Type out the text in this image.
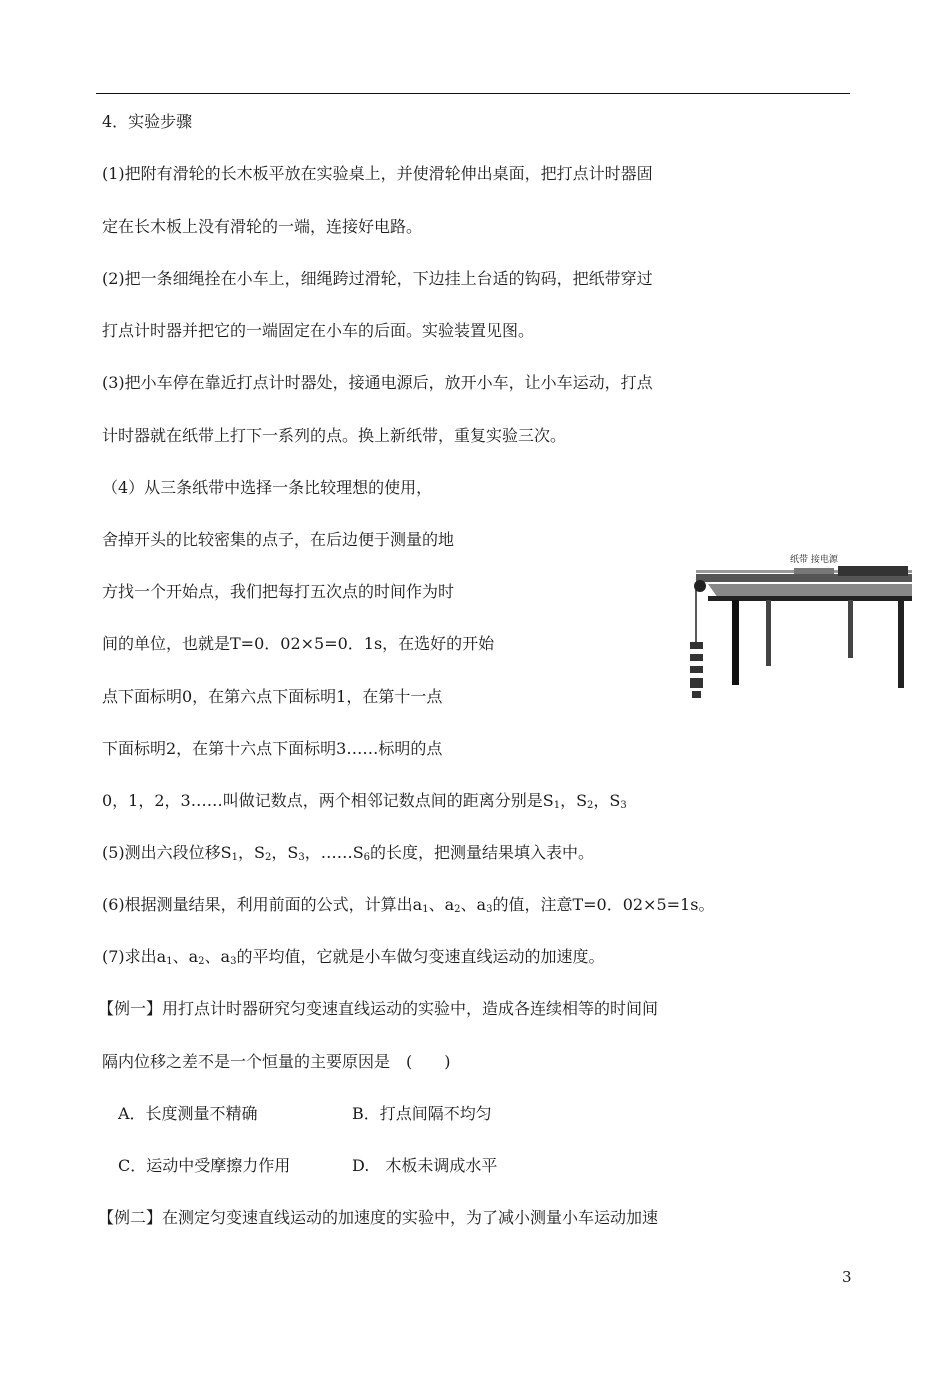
4．实验步骤
(1)把附有滑轮的长木板平放在实验桌上，并使滑轮伸出桌面，把打点计时器固
定在长木板上没有滑轮的一端，连接好电路。
(2)把一条细绳拴在小车上，细绳跨过滑轮，下边挂上台适的钩码，把纸带穿过
打点计时器并把它的一端固定在小车的后面。实验装置见图。
(3)把小车停在靠近打点计时器处，接通电源后，放开小车，让小车运动，打点
计时器就在纸带上打下一系列的点。换上新纸带，重复实验三次。
（4）从三条纸带中选择一条比较理想的使用，
舍掉开头的比较密集的点子，在后边便于测量的地
方找一个开始点，我们把每打五次点的时间作为时
间的单位，也就是T=0．02×5=0．1s，在选好的开始
点下面标明0，在第六点下面标明1，在第十一点
下面标明2，在第十六点下面标明3……标明的点
0，1，2，3……叫做记数点，两个相邻记数点间的距离分别是$S_1$，$S_2$，$S_3$
(5)测出六段位移$S_1$，$S_2$，$S_3$，$\dots\dots S_6$的长度，把测量结果填入表中。
(6)根据测量结果，利用前面的公式，计算出$a_1$、$a_2$、$a_3$的值，注意T=0．02×5=1s。
(7)求出$a_1$、$a_2$、$a_3$的平均值，它就是小车做匀变速直线运动的加速度。
【例一】用打点计时器研究匀变速直线运动的实验中，造成各连续相等的时间间
隔内位移之差不是一个恒量的主要原因是　(　　)
A．长度测量不精确	B．打点间隔不均匀
C．运动中受摩擦力作用	D.　木板未调成水平
【例二】在测定匀变速直线运动的加速度的实验中，为了减小测量小车运动加速
纸带 接电源
3
